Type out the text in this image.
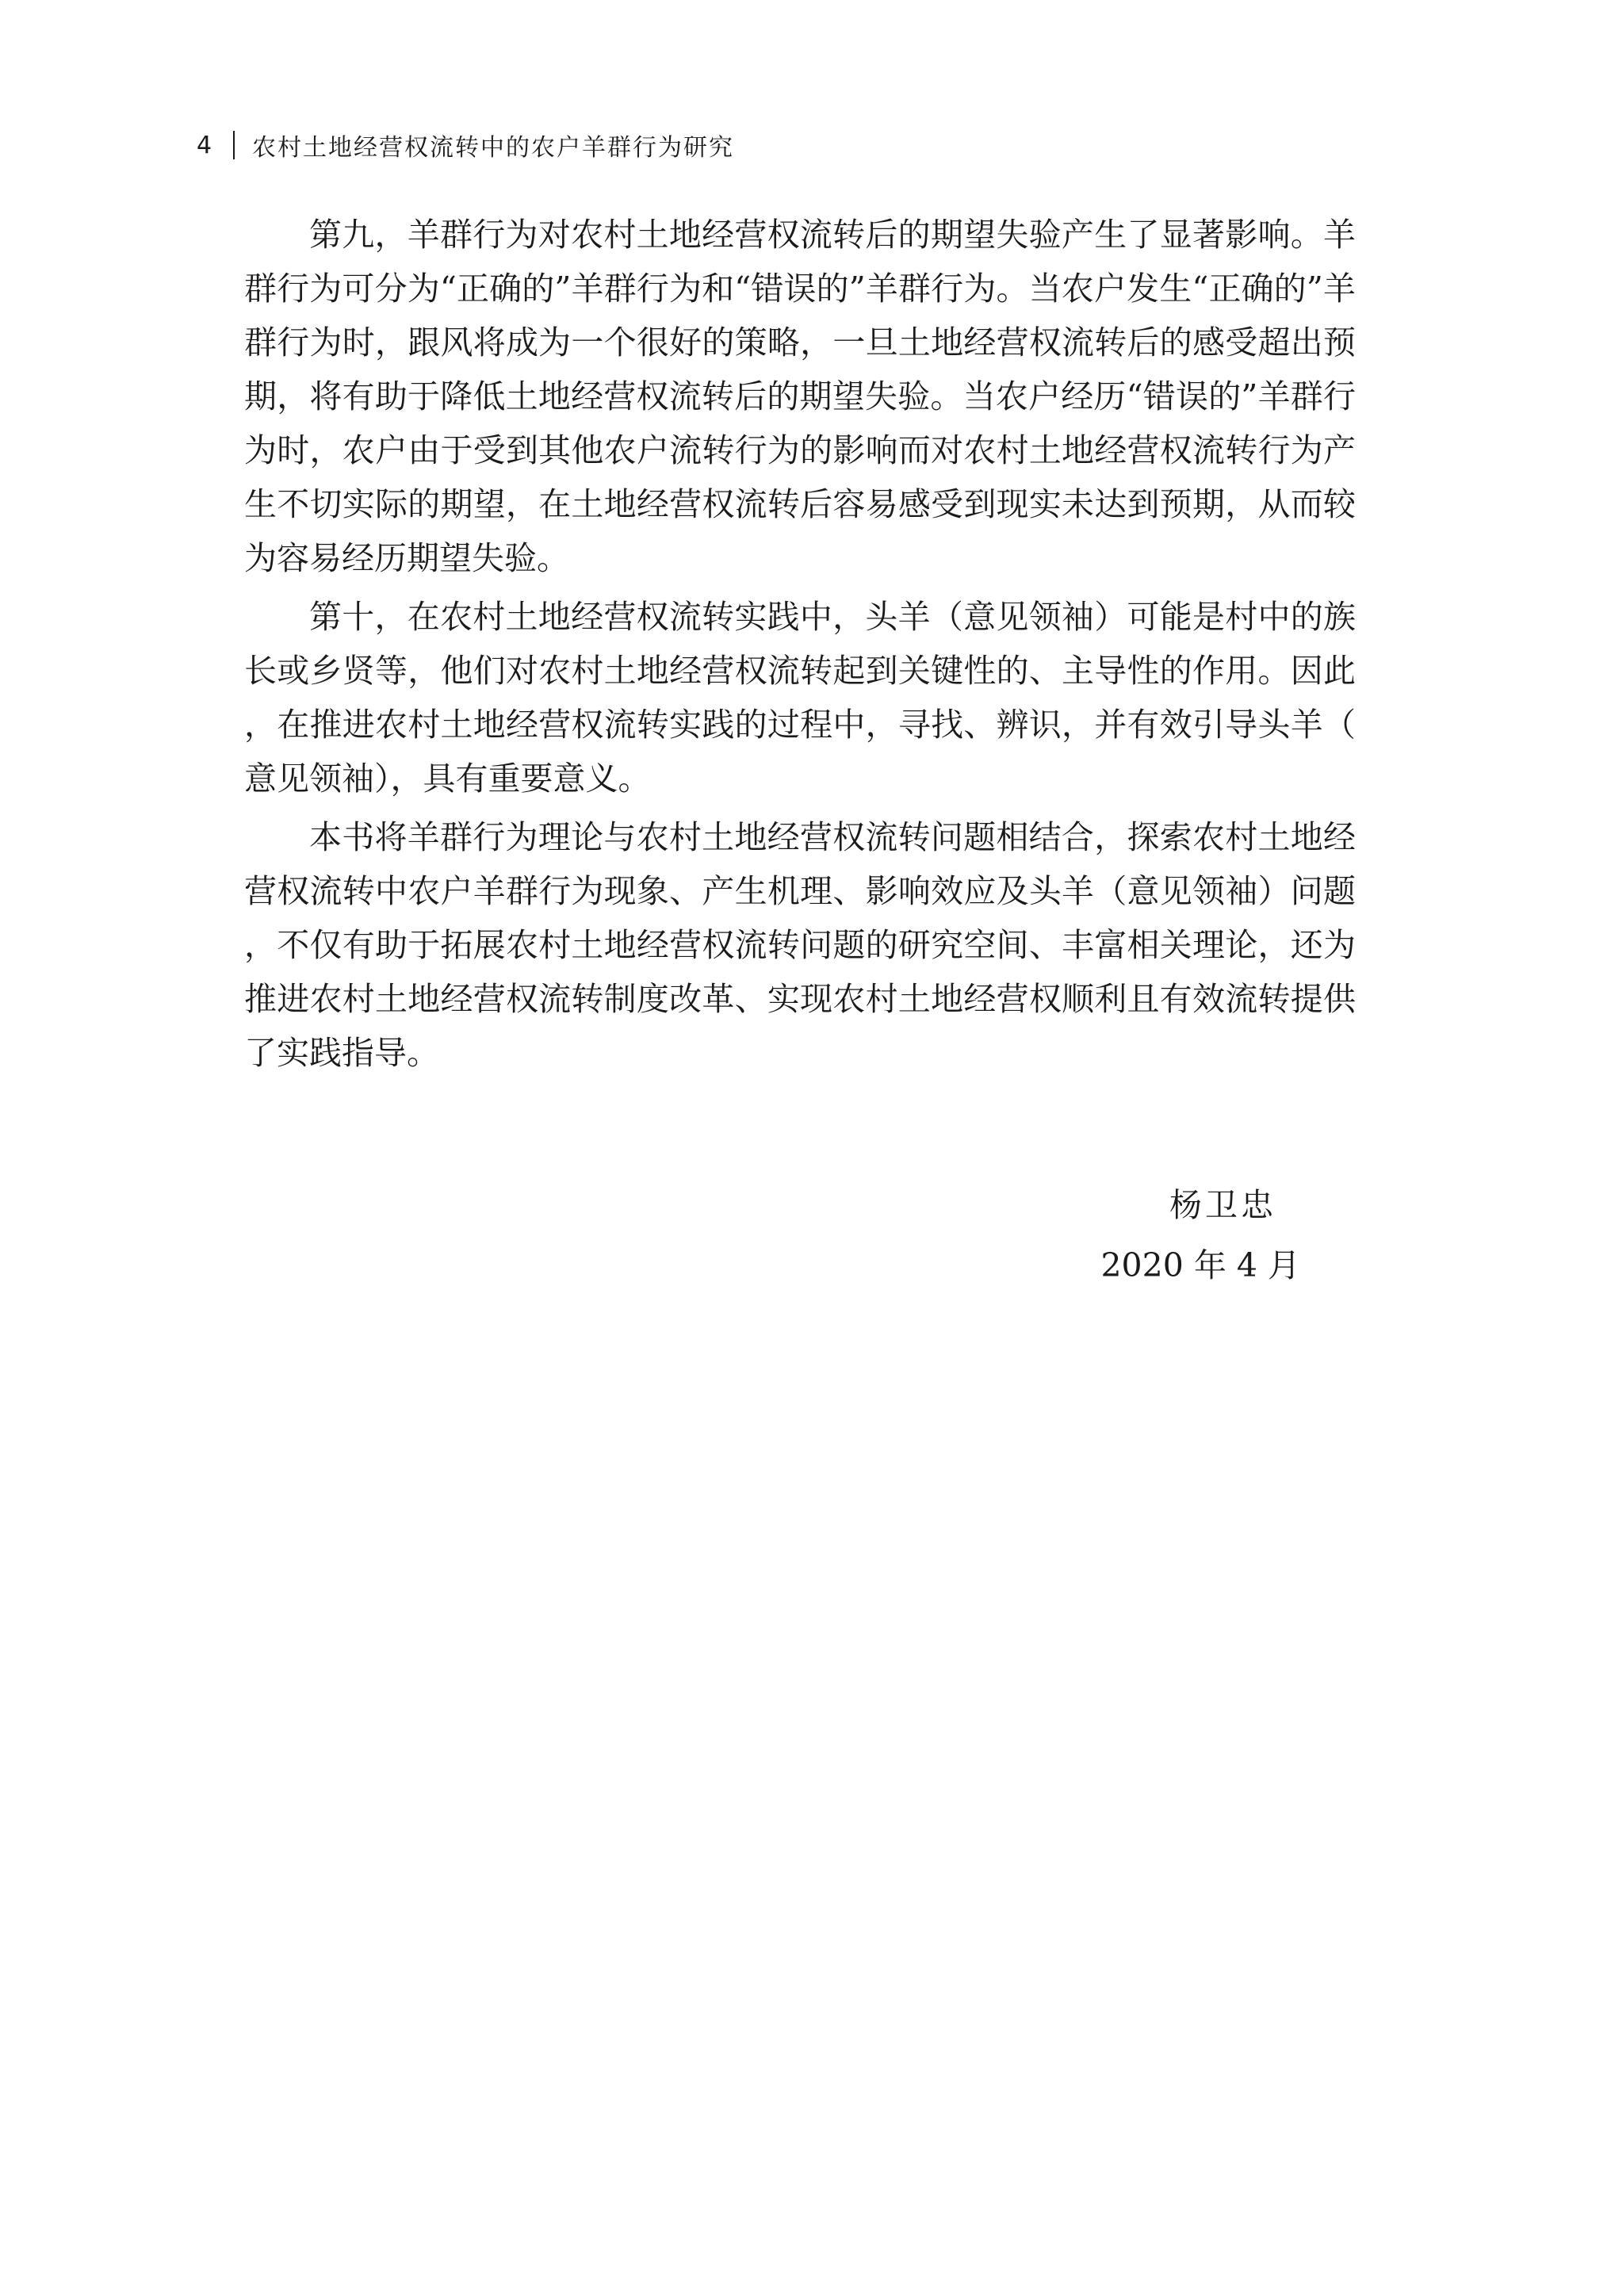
4 农村土地经营权流转中的农户羊群行为研究

第九，羊群行为对农村土地经营权流转后的期望失验产生了显著影响。羊群行为可分为“正确的”羊群行为和“错误的”羊群行为。当农户发生“正确的”羊群行为时，跟风将成为一个很好的策略，一旦土地经营权流转后的感受超出预期，将有助于降低土地经营权流转后的期望失验。当农户经历“错误的”羊群行为时，农户由于受到其他农户流转行为的影响而对农村土地经营权流转行为产生不切实际的期望，在土地经营权流转后容易感受到现实未达到预期，从而较为容易经历期望失验。

第十，在农村土地经营权流转实践中，头羊（意见领袖）可能是村中的族长或乡贤等，他们对农村土地经营权流转起到关键性的、主导性的作用。因此，在推进农村土地经营权流转实践的过程中，寻找、辨识，并有效引导头羊（意见领袖），具有重要意义。

本书将羊群行为理论与农村土地经营权流转问题相结合，探索农村土地经营权流转中农户羊群行为现象、产生机理、影响效应及头羊（意见领袖）问题，不仅有助于拓展农村土地经营权流转问题的研究空间、丰富相关理论，还为推进农村土地经营权流转制度改革、实现农村土地经营权顺利且有效流转提供了实践指导。

杨卫忠
2020 年 4 月
